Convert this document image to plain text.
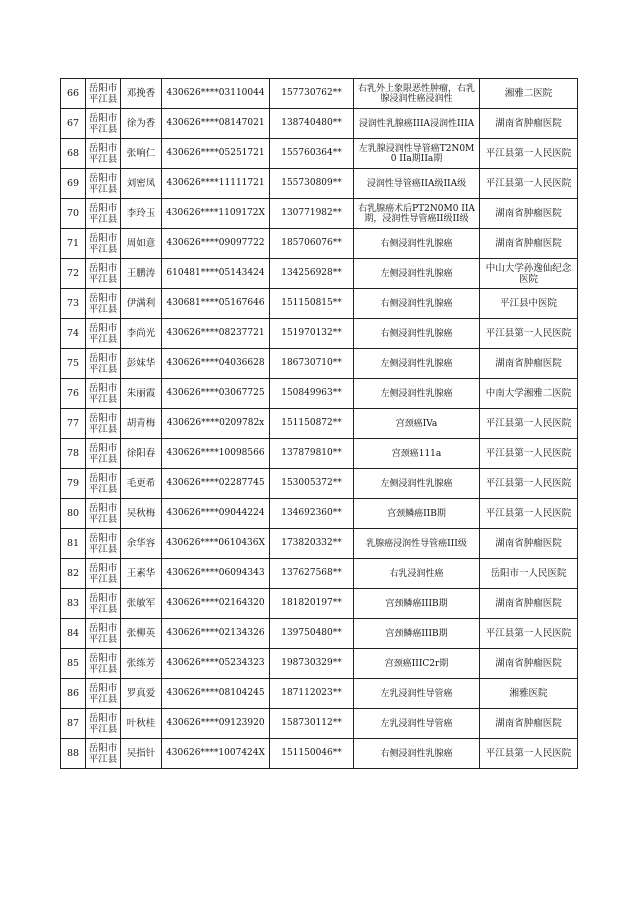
66	岳阳市平江县	邓挽香	430626****03110044	157730762**	右乳外上象限恶性肿瘤，右乳腺浸润性癌浸润性	湘雅二医院
67	岳阳市平江县	徐为香	430626****08147021	138740480**	浸润性乳腺癌IIIA浸润性IIIA	湖南省肿瘤医院
68	岳阳市平江县	张响仁	430626****05251721	155760364**	左乳腺浸润性导管癌T2N0M0 IIa期IIa期	平江县第一人民医院
69	岳阳市平江县	刘密凤	430626****11111721	155730809**	浸润性导管癌IIA级IIA级	平江县第一人民医院
70	岳阳市平江县	李玲玉	430626****1109172X	130771982**	右乳腺癌术后PT2N0M0 IIA期，浸润性导管癌II级II级	湖南省肿瘤医院
71	岳阳市平江县	周如意	430626****09097722	185706076**	右侧浸润性乳腺癌	湖南省肿瘤医院
72	岳阳市平江县	王鹏涛	610481****05143424	134256928**	左侧浸润性乳腺癌	中山大学孙逸仙纪念医院
73	岳阳市平江县	伊满利	430681****05167646	151150815**	右侧浸润性乳腺癌	平江县中医院
74	岳阳市平江县	李尚光	430626****08237721	151970132**	右侧浸润性乳腺癌	平江县第一人民医院
75	岳阳市平江县	彭妹华	430626****04036628	186730710**	左侧浸润性乳腺癌	湖南省肿瘤医院
76	岳阳市平江县	朱丽霞	430626****03067725	150849963**	左侧浸润性乳腺癌	中南大学湘雅二医院
77	岳阳市平江县	胡青梅	430626****0209782x	151150872**	宫颈癌IVa	平江县第一人民医院
78	岳阳市平江县	徐阳春	430626****10098566	137879810**	宫颈癌111a	平江县第一人民医院
79	岳阳市平江县	毛更希	430626****02287745	153005372**	左侧浸润性乳腺癌	平江县第一人民医院
80	岳阳市平江县	吴秋梅	430626****09044224	134692360**	宫颈鳞癌IIB期	平江县第一人民医院
81	岳阳市平江县	余华容	430626****0610436X	173820332**	乳腺癌浸润性导管癌III级	湖南省肿瘤医院
82	岳阳市平江县	王素华	430626****06094343	137627568**	右乳浸润性癌	岳阳市一人民医院
83	岳阳市平江县	张敏军	430626****02164320	181820197**	宫颈鳞癌IIIB期	湖南省肿瘤医院
84	岳阳市平江县	张柳英	430626****02134326	139750480**	宫颈鳞癌IIIB期	平江县第一人民医院
85	岳阳市平江县	张练芳	430626****05234323	198730329**	宫颈癌IIIC2r期	湖南省肿瘤医院
86	岳阳市平江县	罗真爱	430626****08104245	187112023**	左乳浸润性导管癌	湘雅医院
87	岳阳市平江县	叶秋桂	430626****09123920	158730112**	左乳浸润性导管癌	湖南省肿瘤医院
88	岳阳市平江县	吴指针	430626****1007424X	151150046**	右侧浸润性乳腺癌	平江县第一人民医院
